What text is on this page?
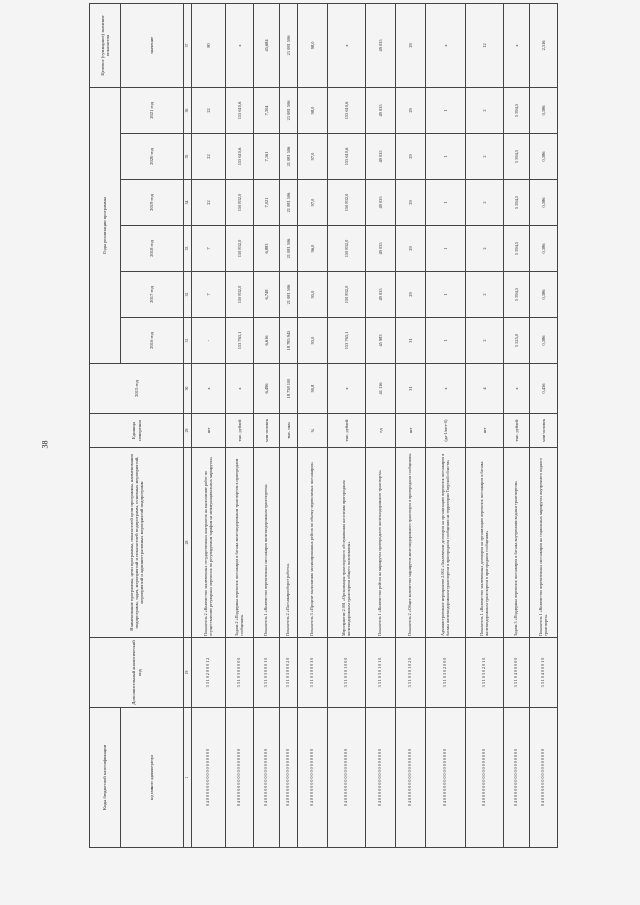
38
Коды бюджетной классификации	Дополнительный аналитический код	Наименование программы, цели программы, показателей цели программы, наименования подпрограмм, задач, мероприятий и показателей подпрограмм, основных мероприятий, мероприятий и административных мероприятий подпрограмм	Единица измерения	2015 год	Годы реализации программы						Целевое (суммарное) значение показателя
код главного администратора					2016 год	2017 год	2018 год	2019 год	2020 год	2021 год	
											значение
1	19	28	29	30	31	32	33	34	35	36	37
0 4 0 0 0 0 0 0 0 0 0 0 0 0 0 0 0 0 0	3 3 1 0 2 0 0 0 1 2	Показатель 2 «Количество заключенных государственных контрактов на выполнение работ по осуществлению регулярных перевозок по регулируемым тарифам на межмуниципальных маршрутах»	шт	x	-	7	7	22	22	22	80
0 4 0 0 0 0 0 0 0 0 0 0 0 0 0 0 0 0 0	3 3 1 0 3 0 0 0 0 0	Задача 2 «Поддержка перевозок пассажиров и багажа железнодорожным транспортом в пригородном сообщении»	тыс. рублей	x	153 763,1	150 832,0	150 832,0	150 832,0	155 610,6	155 610,6	x
0 4 0 0 0 0 0 0 0 0 0 0 0 0 0 0 0 0 0	3 3 1 0 3 0 0 0 1 0	Показатель 1 «Количество перевезенных пассажиров железнодорожным транспортом»	млн человек	6,496	6,616	6,748	6,883	7,021	7,161	7,304	45,684
0 4 0 0 0 0 0 0 0 0 0 0 0 0 0 0 0 0 0	3 3 1 0 3 0 0 0 2 0	Показатель 2 «Пассажирооборот работы»	тыс. пкм	18 738 100	18 785 945	21 081 506	21 081 506	21 081 506	21 081 506	21 081 506	21 081 506
0 4 0 0 0 0 0 0 0 0 0 0 0 0 0 0 0 0 0	3 3 1 0 3 0 0 0 3 0	Показатель 3 «Процент выполнения запланированных рейсов по объему перевозимых пассажиров»	%	90,8	93,0	95,0	96,0	97,0	97,0	98,0	98,0
0 4 0 0 0 0 0 0 0 0 0 0 0 0 0 0 0 0 0	3 3 1 0 3 0 1 0 0 0	Мероприятие 2.001 «Организация транспортного обслуживания населения пригородным железнодорожным транспортом общего пользования»	тыс. рублей	x	153 763,1	150 832,0	150 832,0	150 832,0	155 610,6	155 610,6	x
0 4 0 0 0 0 0 0 0 0 0 0 0 0 0 0 0 0 0	3 3 1 0 3 0 1 0 1 0	Показатель 1 «Количество рейсов на маршрутах пригородного железнодорожного транспорта»	ед	41 116	45 983	49 035	49 035	49 035	49 035	49 035	49 035
0 4 0 0 0 0 0 0 0 0 0 0 0 0 0 0 0 0 0	3 3 1 0 3 0 1 0 2 0	Показатель 2 «Общее количество маршрутов железнодорожного транспорта в пригородном сообщении»	шт	31	31	29	29	29	29	29	29
0 4 0 0 0 0 0 0 0 0 0 0 0 0 0 0 0 0 0	3 3 1 0 3 0 2 0 0 0	Административное мероприятие 2.002 «Заключение договоров на организацию перевозок пассажиров и багажа железнодорожным транспортом в пригородном сообщении на территории Тверской области»	(да-1/нет-0)	x	1	1	1	1	1	1	x
0 4 0 0 0 0 0 0 0 0 0 0 0 0 0 0 0 0 0	3 3 1 0 3 0 2 0 1 0	Показатель 1 «Количество заключенных договоров на организацию перевозок пассажиров и багажа железнодорожным транспортом в пригородном сообщении»	шт	4	2	2	2	2	2	2	12
0 4 0 0 0 0 0 0 0 0 0 0 0 0 0 0 0 0 0	3 3 1 0 4 0 0 0 0 0	Задача 3 «Поддержка перевозок пассажиров и багажа внутренним водным транспортом»	тыс. рублей	x	5 525,0	5 594,5	5 594,5	5 594,5	5 594,5	5 594,5	x
0 4 0 0 0 0 0 0 0 0 0 0 0 0 0 0 0 0 0	3 3 1 0 4 0 0 0 1 0	Показатель 1 «Количество перевезенных пассажиров на социальных маршрутах внутреннего водного транспорта»	млн человек	0,436	0,386	0,386	0,386	0,386	0,386	0,386	2,316
